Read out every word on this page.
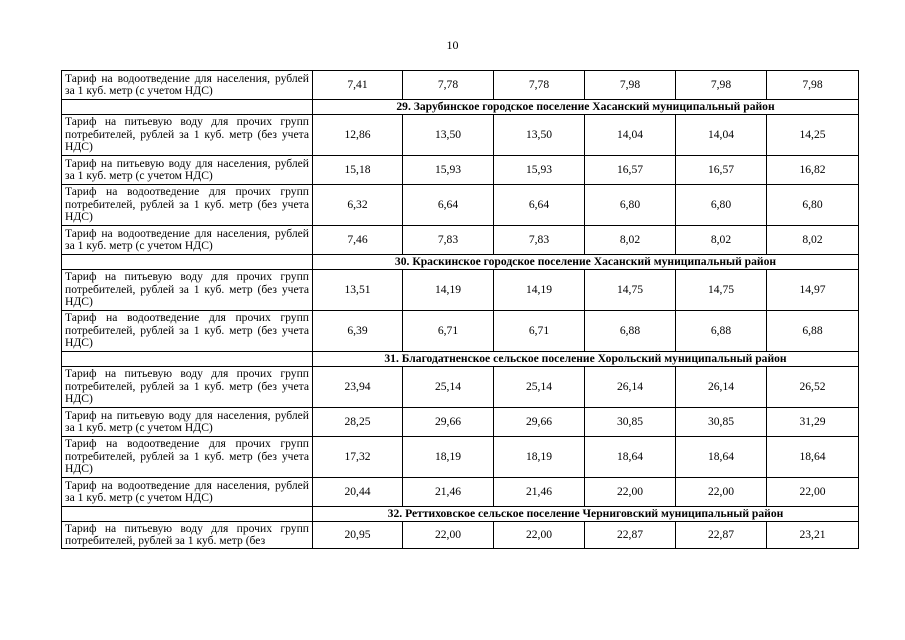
10
Тариф на водоотведение для населения, рублей за 1 куб. метр (с учетом НДС)	7,41	7,78	7,78	7,98	7,98	7,98
	29. Зарубинское городское поселение Хасанский муниципальный район					
Тариф на питьевую воду для прочих групп потребителей, рублей за 1 куб. метр (без учета НДС)	12,86	13,50	13,50	14,04	14,04	14,25
Тариф на питьевую воду для населения, рублей за 1 куб. метр (с учетом НДС)	15,18	15,93	15,93	16,57	16,57	16,82
Тариф на водоотведение для прочих групп потребителей, рублей за 1 куб. метр (без учета НДС)	6,32	6,64	6,64	6,80	6,80	6,80
Тариф на водоотведение для населения, рублей за 1 куб. метр (с учетом НДС)	7,46	7,83	7,83	8,02	8,02	8,02
	30. Краскинское городское поселение Хасанский муниципальный район					
Тариф на питьевую воду для прочих групп потребителей, рублей за 1 куб. метр (без учета НДС)	13,51	14,19	14,19	14,75	14,75	14,97
Тариф на водоотведение для прочих групп потребителей, рублей за 1 куб. метр (без учета НДС)	6,39	6,71	6,71	6,88	6,88	6,88
	31. Благодатненское сельское поселение Хорольский муниципальный район					
Тариф на питьевую воду для прочих групп потребителей, рублей за 1 куб. метр (без учета НДС)	23,94	25,14	25,14	26,14	26,14	26,52
Тариф на питьевую воду для населения, рублей за 1 куб. метр (с учетом НДС)	28,25	29,66	29,66	30,85	30,85	31,29
Тариф на водоотведение для прочих групп потребителей, рублей за 1 куб. метр (без учета НДС)	17,32	18,19	18,19	18,64	18,64	18,64
Тариф на водоотведение для населения, рублей за 1 куб. метр (с учетом НДС)	20,44	21,46	21,46	22,00	22,00	22,00
	32. Реттиховское сельское поселение Черниговский муниципальный район					
Тариф на питьевую воду для прочих групп потребителей, рублей за 1 куб. метр (без	20,95	22,00	22,00	22,87	22,87	23,21
